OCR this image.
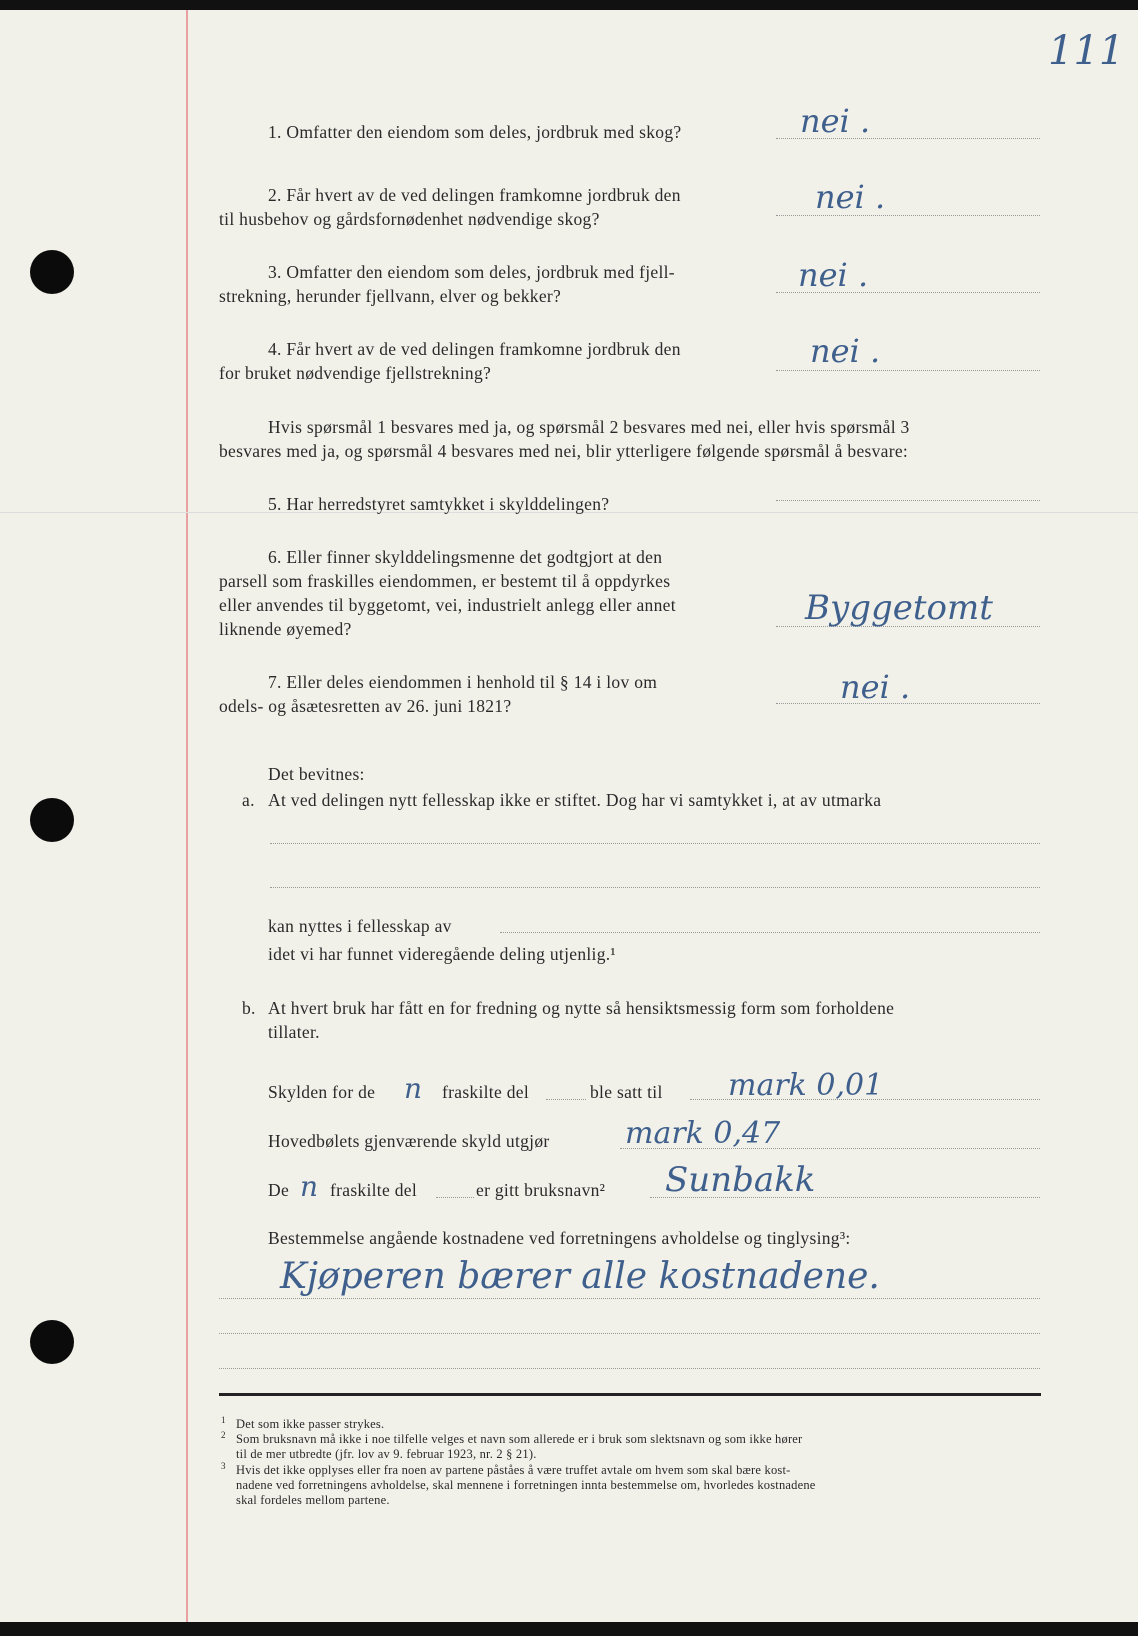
111
1. Omfatter den eiendom som deles, jordbruk med skog?	nei .
2. Får hvert av de ved delingen framkomne jordbruk den
til husbehov og gårdsfornødenhet nødvendige skog?
nei .
3. Omfatter den eiendom som deles, jordbruk med fjell-
strekning, herunder fjellvann, elver og bekker?
nei .
4. Får hvert av de ved delingen framkomne jordbruk den
for bruket nødvendige fjellstrekning?
nei .
Hvis spørsmål 1 besvares med ja, og spørsmål 2 besvares med nei, eller hvis spørsmål 3
besvares med ja, og spørsmål 4 besvares med nei, blir ytterligere følgende spørsmål å besvare:
5. Har herredstyret samtykket i skylddelingen?
6. Eller finner skylddelingsmenne det godtgjort at den
parsell som fraskilles eiendommen, er bestemt til å oppdyrkes
eller anvendes til byggetomt, vei, industrielt anlegg eller annet
liknende øyemed?
Byggetomt
7. Eller deles eiendommen i henhold til § 14 i lov om
odels- og åsætesretten av 26. juni 1821?	nei .
Det bevitnes:
a. At ved delingen nytt fellesskap ikke er stiftet. Dog har vi samtykket i, at av utmarka
kan nyttes i fellesskap av
idet vi har funnet videregående deling utjenlig.¹
b. At hvert bruk har fått en for fredning og nytte så hensiktsmessig form som forholdene
tillater.
Skylden for de n fraskilte del	ble satt til mark 0,01
Hovedbølets gjenværende skyld utgjør	mark 0,47
De n fraskilte del	er gitt bruksnavn² Sunbakk
Bestemmelse angående kostnadene ved forretningens avholdelse og tinglysing³:
Kjøperen bærer alle kostnadene.
1 Det som ikke passer strykes.
2 Som bruksnavn må ikke i noe tilfelle velges et navn som allerede er i bruk som slektsnavn og som ikke hører
til de mer utbredte (jfr. lov av 9. februar 1923, nr. 2 § 21).
3 Hvis det ikke opplyses eller fra noen av partene påståes å være truffet avtale om hvem som skal bære kost-
nadene ved forretningens avholdelse, skal mennene i forretningen innta bestemmelse om, hvorledes kostnadene
skal fordeles mellom partene.
